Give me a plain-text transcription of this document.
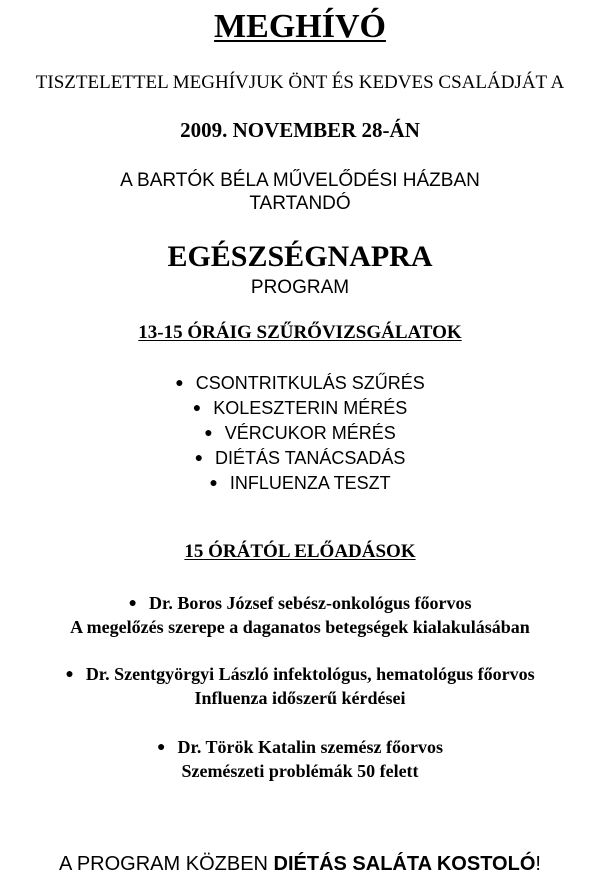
MEGHÍVÓ
TISZTELETTEL MEGHÍVJUK ÖNT ÉS KEDVES CSALÁDJÁT A
2009. NOVEMBER 28-ÁN
A BARTÓK BÉLA MŰVELŐDÉSI HÁZBAN
TARTANDÓ
EGÉSZSÉGNAPRA
PROGRAM
13-15 ÓRÁIG SZŰRŐVIZSGÁLATOK
● CSONTRITKULÁS SZŰRÉS
● KOLESZTERIN MÉRÉS
● VÉRCUKOR MÉRÉS
● DIÉTÁS TANÁCSADÁS
● INFLUENZA TESZT
15 ÓRÁTÓL ELŐADÁSOK
● Dr. Boros József sebész-onkológus főorvos
A megelőzés szerepe a daganatos betegségek kialakulásában
● Dr. Szentgyörgyi László infektológus, hematológus főorvos
Influenza időszerű kérdései
● Dr. Török Katalin szemész főorvos
Szemészeti problémák 50 felett
A PROGRAM KÖZBEN DIÉTÁS SALÁTA KOSTOLÓ!
